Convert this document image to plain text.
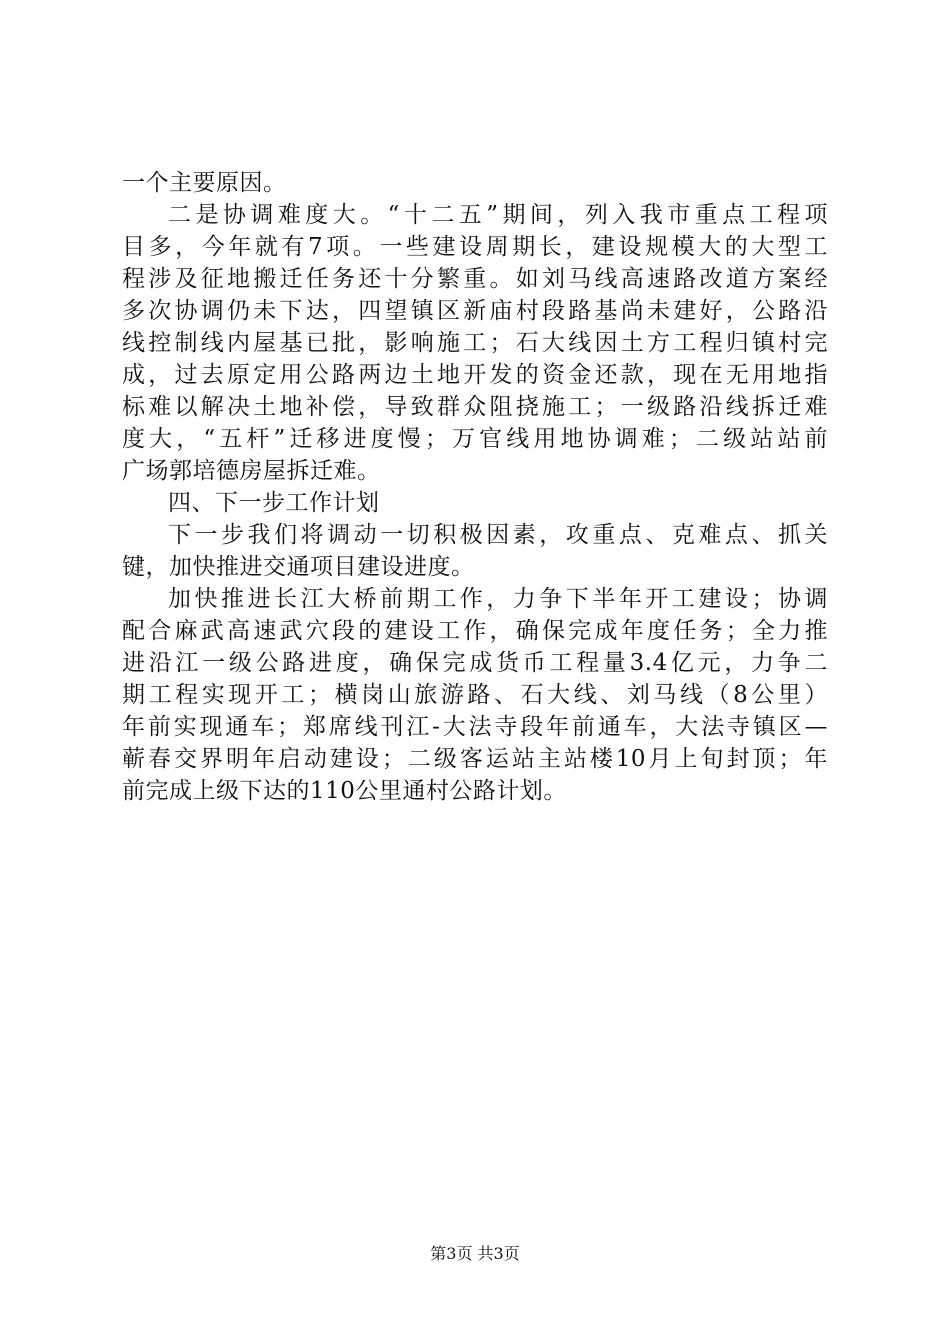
一个主要原因。
二是协调难度大。“十二五”期间，列入我市重点工程项
目多，今年就有7项。一些建设周期长，建设规模大的大型工
程涉及征地搬迁任务还十分繁重。如刘马线高速路改道方案经
多次协调仍未下达，四望镇区新庙村段路基尚未建好，公路沿
线控制线内屋基已批，影响施工；石大线因土方工程归镇村完
成，过去原定用公路两边土地开发的资金还款，现在无用地指
标难以解决土地补偿，导致群众阻挠施工；一级路沿线拆迁难
度大，“五杆”迁移进度慢；万官线用地协调难；二级站站前
广场郭培德房屋拆迁难。
四、下一步工作计划
下一步我们将调动一切积极因素，攻重点、克难点、抓关
键，加快推进交通项目建设进度。
加快推进长江大桥前期工作，力争下半年开工建设；协调
配合麻武高速武穴段的建设工作，确保完成年度任务；全力推
进沿江一级公路进度，确保完成货币工程量3.4亿元，力争二
期工程实现开工；横岗山旅游路、石大线、刘马线（8公里）
年前实现通车；郑席线刊江-大法寺段年前通车，大法寺镇区—
蕲春交界明年启动建设；二级客运站主站楼10月上旬封顶；年
前完成上级下达的110公里通村公路计划。
第3页 共3页
